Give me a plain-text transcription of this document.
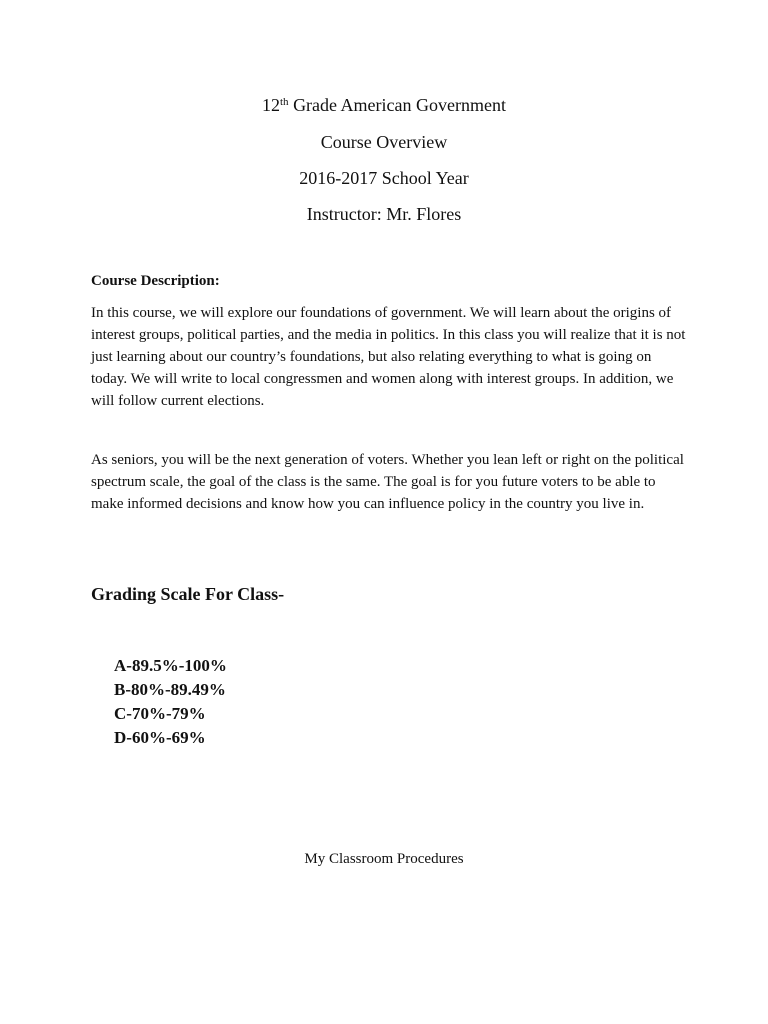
12th Grade American Government
Course Overview
2016-2017 School Year
Instructor: Mr. Flores
Course Description:

In this course, we will explore our foundations of government. We will learn about the origins of interest groups, political parties, and the media in politics. In this class you will realize that it is not just learning about our country’s foundations, but also relating everything to what is going on today. We will write to local congressmen and women along with interest groups. In addition, we will follow current elections.

As seniors, you will be the next generation of voters. Whether you lean left or right on the political spectrum scale, the goal of the class is the same. The goal is for you future voters to be able to make informed decisions and know how you can influence policy in the country you live in.

Grading Scale For Class-
A-89.5%-100%
B-80%-89.49%
C-70%-79%
D-60%-69%
My Classroom Procedures
